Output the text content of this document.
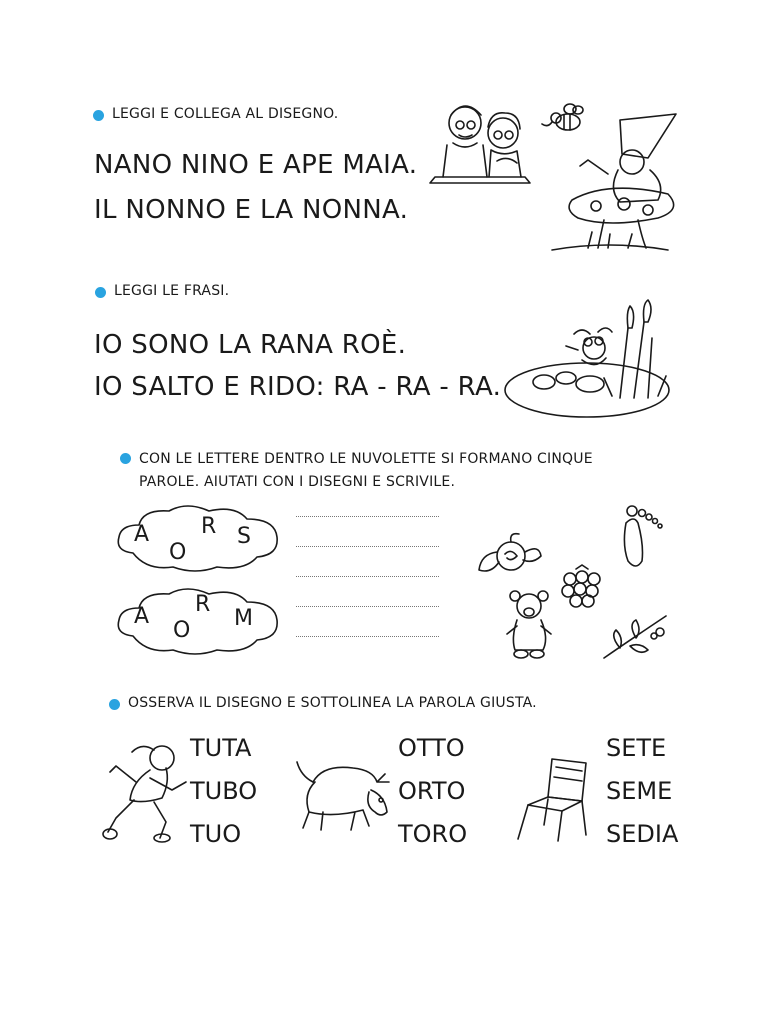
LEGGI E COLLEGA AL DISEGNO.
NANO NINO E APE MAIA.
IL NONNO E LA NONNA.
LEGGI LE FRASI.
IO SONO LA RANA ROÈ.
IO SALTO E RIDO: RA - RA - RA.
CON LE LETTERE DENTRO LE NUVOLETTE SI FORMANO CINQUE
PAROLE. AIUTATI CON I DISEGNI E SCRIVILE.
A
O
R S
A
O
R
M
OSSERVA IL DISEGNO E SOTTOLINEA LA PAROLA GIUSTA.
TUTA
TUBO
TUO
OTTO
ORTO
TORO
SETE
SEME
SEDIA
